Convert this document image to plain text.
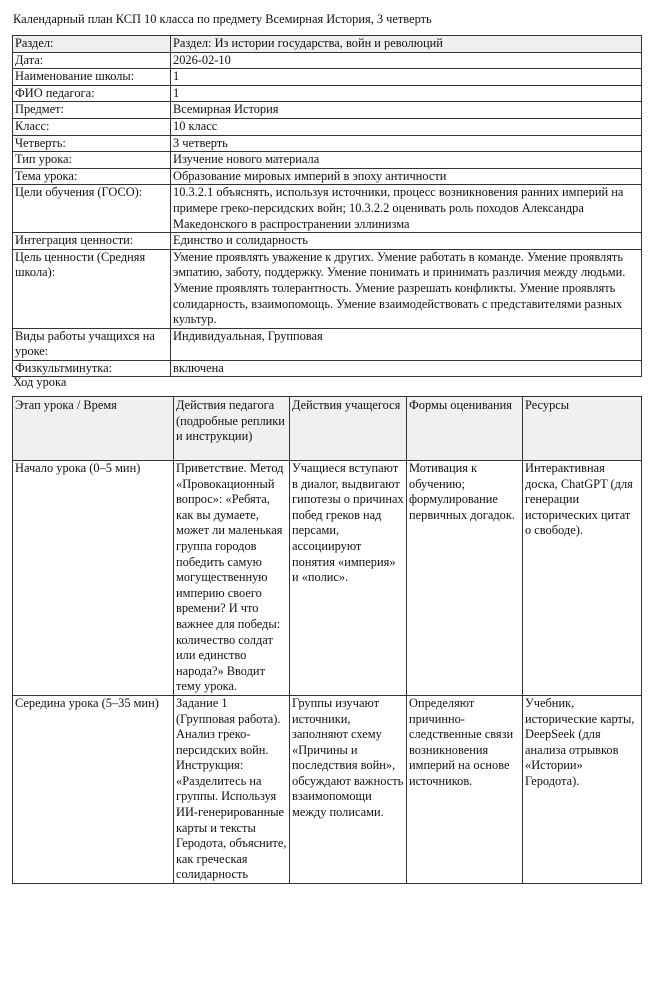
Календарный план КСП 10 класса по предмету Всемирная История, 3 четверть
Раздел:	Раздел: Из истории государства, войн и революций
Дата:	2026-02-10
Наименование школы:	1
ФИО педагога:	1
Предмет:	Всемирная История
Класс:	10 класс
Четверть:	3 четверть
Тип урока:	Изучение нового материала
Тема урока:	Образование мировых империй в эпоху античности
Цели обучения (ГОСО):	10.3.2.1 объяснять, используя источники, процесс возникновения ранних империй на примере греко-персидских войн; 10.3.2.2 оценивать роль походов Александра Македонского в распространении эллинизма
Интеграция ценности:	Единство и солидарность
Цель ценности (Средняя школа):	Умение проявлять уважение к других. Умение работать в команде. Умение проявлять эмпатию, заботу, поддержку. Умение понимать и принимать различия между людьми. Умение проявлять толерантность. Умение разрешать конфликты. Умение проявлять солидарность, взаимопомощь. Умение взаимодействовать с представителями разных культур.
Виды работы учащихся на уроке:	Индивидуальная, Групповая
Физкультминутка:	включена
Ход урока
Этап урока / Время	Действия педагога (подробные реплики и инструкции)	Действия учащегося	Формы оценивания	Ресурсы
Начало урока (0–5 мин)	Приветствие. Метод «Провокационный вопрос»: «Ребята, как вы думаете, может ли маленькая группа городов победить самую могущественную империю своего времени? И что важнее для победы: количество солдат или единство народа?» Вводит тему урока.	Учащиеся вступают в диалог, выдвигают гипотезы о причинах побед греков над персами, ассоциируют понятия «империя» и «полис».	Мотивация к обучению; формулирование первичных догадок.	Интерактивная доска, ChatGPT (для генерации исторических цитат о свободе).
Середина урока (5–35 мин)	Задание 1 (Групповая работа). Анализ греко-персидских войн. Инструкция: «Разделитесь на группы. Используя ИИ-генерированные карты и тексты Геродота, объясните, как греческая солидарность	Группы изучают источники, заполняют схему «Причины и последствия войн», обсуждают важность взаимопомощи между полисами.	Определяют причинно-следственные связи возникновения империй на основе источников.	Учебник, исторические карты, DeepSeek (для анализа отрывков «Истории» Геродота).
